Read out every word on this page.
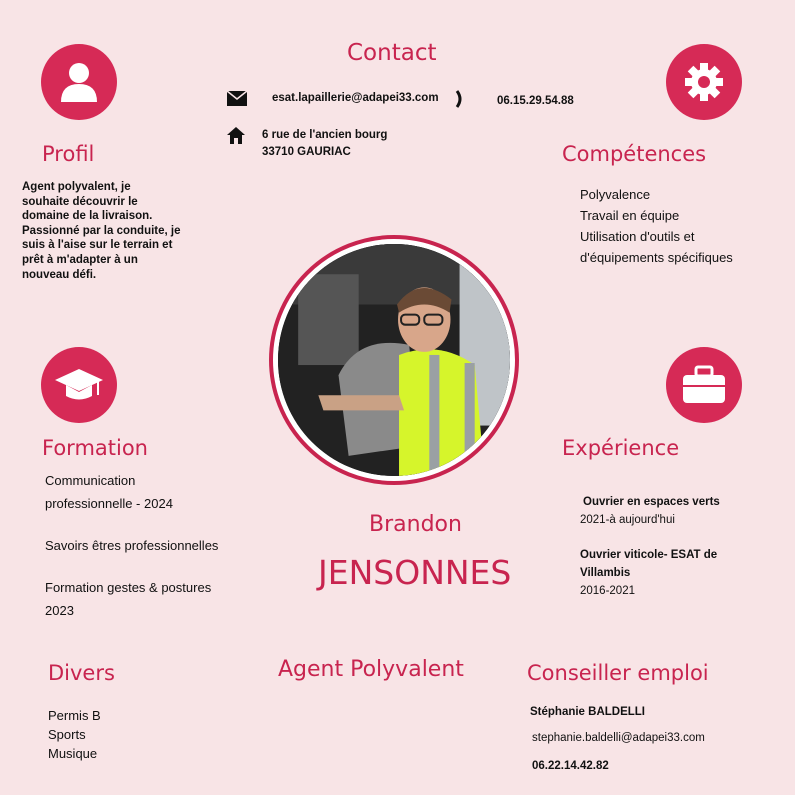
Contact
esat.lapaillerie@adapei33.com	06.15.29.54.88
6 rue de l'ancien bourg
33710 GAURIAC
Profil
Agent polyvalent, je
souhaite découvrir le
domaine de la livraison.
Passionné par la conduite, je
suis à l'aise sur le terrain et
prêt à m'adapter à un
nouveau défi.
Compétences
Polyvalence
Travail en équipe
Utilisation d'outils et
d'équipements spécifiques
Formation
Communication
professionnelle - 2024
Savoirs êtres professionnelles
Formation gestes & postures
2023
Expérience
Ouvrier en espaces verts
2021-à aujourd'hui
Ouvrier viticole- ESAT de
Villambis
2016-2021
Brandon
JENSONNES
Agent Polyvalent
Divers
Permis B
Sports
Musique
Conseiller emploi
Stéphanie BALDELLI
stephanie.baldelli@adapei33.com
06.22.14.42.82
